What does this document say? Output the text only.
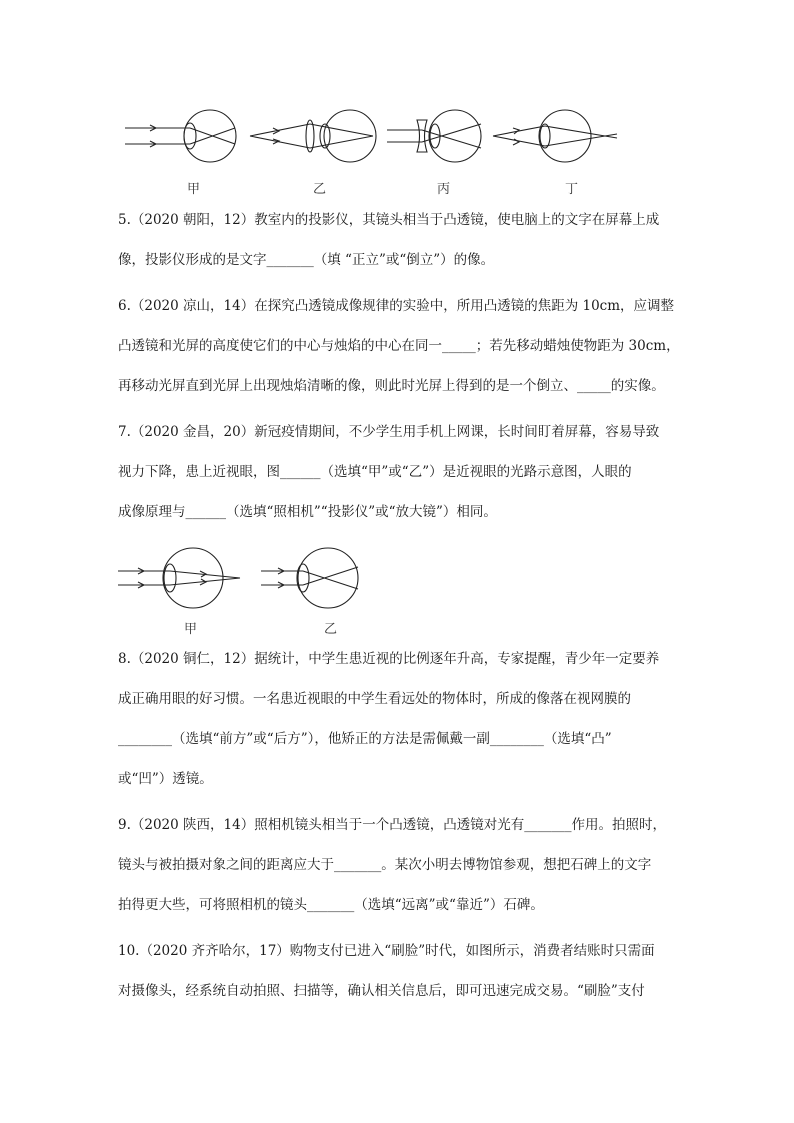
甲	乙	丙	丁

5.（2020 朝阳，12）教室内的投影仪，其镜头相当于凸透镜，使电脑上的文字在屏幕上成

像，投影仪形成的是文字_______（填 “正立”或“倒立”）的像。

6.（2020 凉山，14）在探究凸透镜成像规律的实验中，所用凸透镜的焦距为 10cm，应调整

凸透镜和光屏的高度使它们的中心与烛焰的中心在同一_____；若先移动蜡烛使物距为 30cm，

再移动光屏直到光屏上出现烛焰清晰的像，则此时光屏上得到的是一个倒立、_____的实像。

7.（2020 金昌，20）新冠疫情期间，不少学生用手机上网课，长时间盯着屏幕，容易导致

视力下降，患上近视眼，图______（选填“甲”或“乙”）是近视眼的光路示意图，人眼的

成像原理与______（选填“照相机”“投影仪”或“放大镜”）相同。

甲	乙

8.（2020 铜仁，12）据统计，中学生患近视的比例逐年升高，专家提醒，青少年一定要养

成正确用眼的好习惯。一名患近视眼的中学生看远处的物体时，所成的像落在视网膜的

________（选填“前方”或“后方”），他矫正的方法是需佩戴一副________（选填“凸”

或“凹”）透镜。

9.（2020 陕西，14）照相机镜头相当于一个凸透镜，凸透镜对光有_______作用。拍照时，

镜头与被拍摄对象之间的距离应大于_______。某次小明去博物馆参观，想把石碑上的文字

拍得更大些，可将照相机的镜头_______（选填“远离”或“靠近”）石碑。

10.（2020 齐齐哈尔，17）购物支付已进入“刷脸”时代，如图所示，消费者结账时只需面

对摄像头，经系统自动拍照、扫描等，确认相关信息后，即可迅速完成交易。“刷脸”支付
